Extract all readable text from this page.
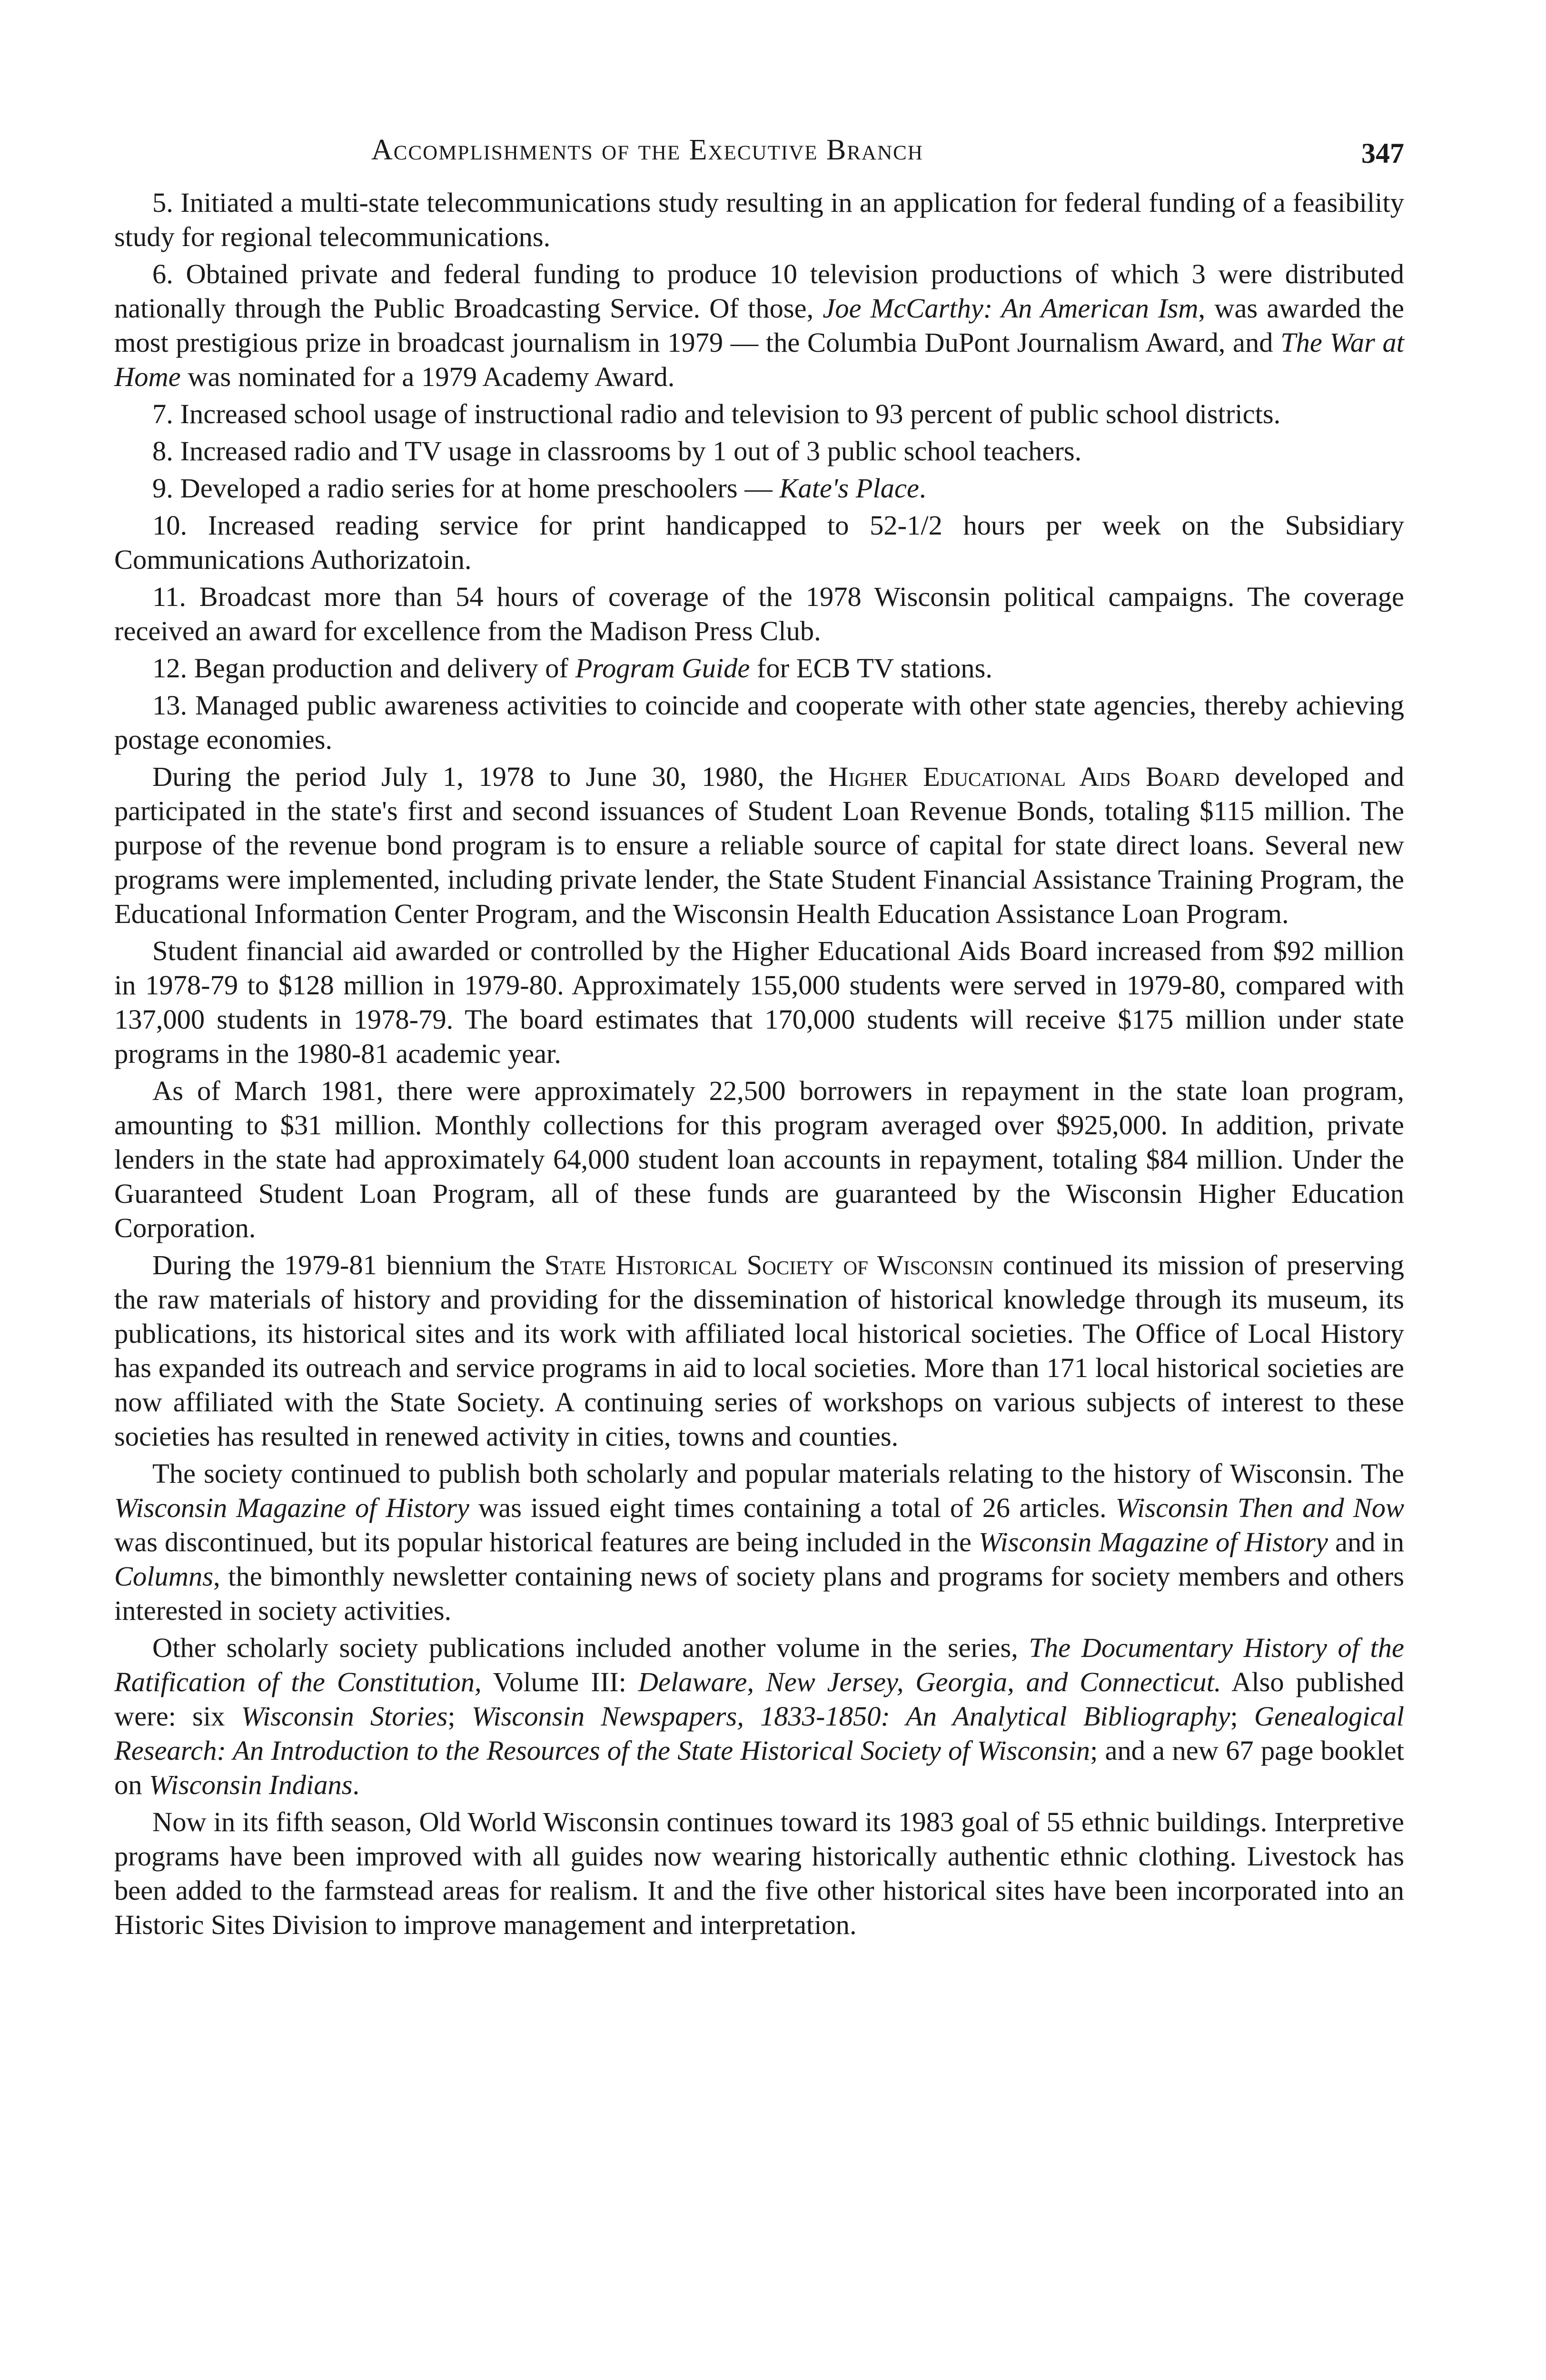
Accomplishments of the Executive Branch	347

5. Initiated a multi-state telecommunications study resulting in an application for federal funding of a feasibility study for regional telecommunications.

6. Obtained private and federal funding to produce 10 television productions of which 3 were distributed nationally through the Public Broadcasting Service. Of those, Joe McCarthy: An American Ism, was awarded the most prestigious prize in broadcast journalism in 1979 — the Columbia DuPont Journalism Award, and The War at Home was nominated for a 1979 Academy Award.

7. Increased school usage of instructional radio and television to 93 percent of public school districts.

8. Increased radio and TV usage in classrooms by 1 out of 3 public school teachers.

9. Developed a radio series for at home preschoolers — Kate's Place.

10. Increased reading service for print handicapped to 52-1/2 hours per week on the Subsidiary Communications Authorizatoin.

11. Broadcast more than 54 hours of coverage of the 1978 Wisconsin political campaigns. The coverage received an award for excellence from the Madison Press Club.

12. Began production and delivery of Program Guide for ECB TV stations.

13. Managed public awareness activities to coincide and cooperate with other state agencies, thereby achieving postage economies.

During the period July 1, 1978 to June 30, 1980, the Higher Educational Aids Board developed and participated in the state's first and second issuances of Student Loan Revenue Bonds, totaling $115 million. The purpose of the revenue bond program is to ensure a reliable source of capital for state direct loans. Several new programs were implemented, including private lender, the State Student Financial Assistance Training Program, the Educational Information Center Program, and the Wisconsin Health Education Assistance Loan Program.

Student financial aid awarded or controlled by the Higher Educational Aids Board increased from $92 million in 1978-79 to $128 million in 1979-80. Approximately 155,000 students were served in 1979-80, compared with 137,000 students in 1978-79. The board estimates that 170,000 students will receive $175 million under state programs in the 1980-81 academic year.

As of March 1981, there were approximately 22,500 borrowers in repayment in the state loan program, amounting to $31 million. Monthly collections for this program averaged over $925,000. In addition, private lenders in the state had approximately 64,000 student loan accounts in repayment, totaling $84 million. Under the Guaranteed Student Loan Program, all of these funds are guaranteed by the Wisconsin Higher Education Corporation.

During the 1979-81 biennium the State Historical Society of Wisconsin continued its mission of preserving the raw materials of history and providing for the dissemination of historical knowledge through its museum, its publications, its historical sites and its work with affiliated local historical societies. The Office of Local History has expanded its outreach and service programs in aid to local societies. More than 171 local historical societies are now affiliated with the State Society. A continuing series of workshops on various subjects of interest to these societies has resulted in renewed activity in cities, towns and counties.

The society continued to publish both scholarly and popular materials relating to the history of Wisconsin. The Wisconsin Magazine of History was issued eight times containing a total of 26 articles. Wisconsin Then and Now was discontinued, but its popular historical features are being included in the Wisconsin Magazine of History and in Columns, the bimonthly newsletter containing news of society plans and programs for society members and others interested in society activities.

Other scholarly society publications included another volume in the series, The Documentary History of the Ratification of the Constitution, Volume III: Delaware, New Jersey, Georgia, and Connecticut. Also published were: six Wisconsin Stories; Wisconsin Newspapers, 1833-1850: An Analytical Bibliography; Genealogical Research: An Introduction to the Resources of the State Historical Society of Wisconsin; and a new 67 page booklet on Wisconsin Indians.

Now in its fifth season, Old World Wisconsin continues toward its 1983 goal of 55 ethnic buildings. Interpretive programs have been improved with all guides now wearing historically authentic ethnic clothing. Livestock has been added to the farmstead areas for realism. It and the five other historical sites have been incorporated into an Historic Sites Division to improve management and interpretation.
